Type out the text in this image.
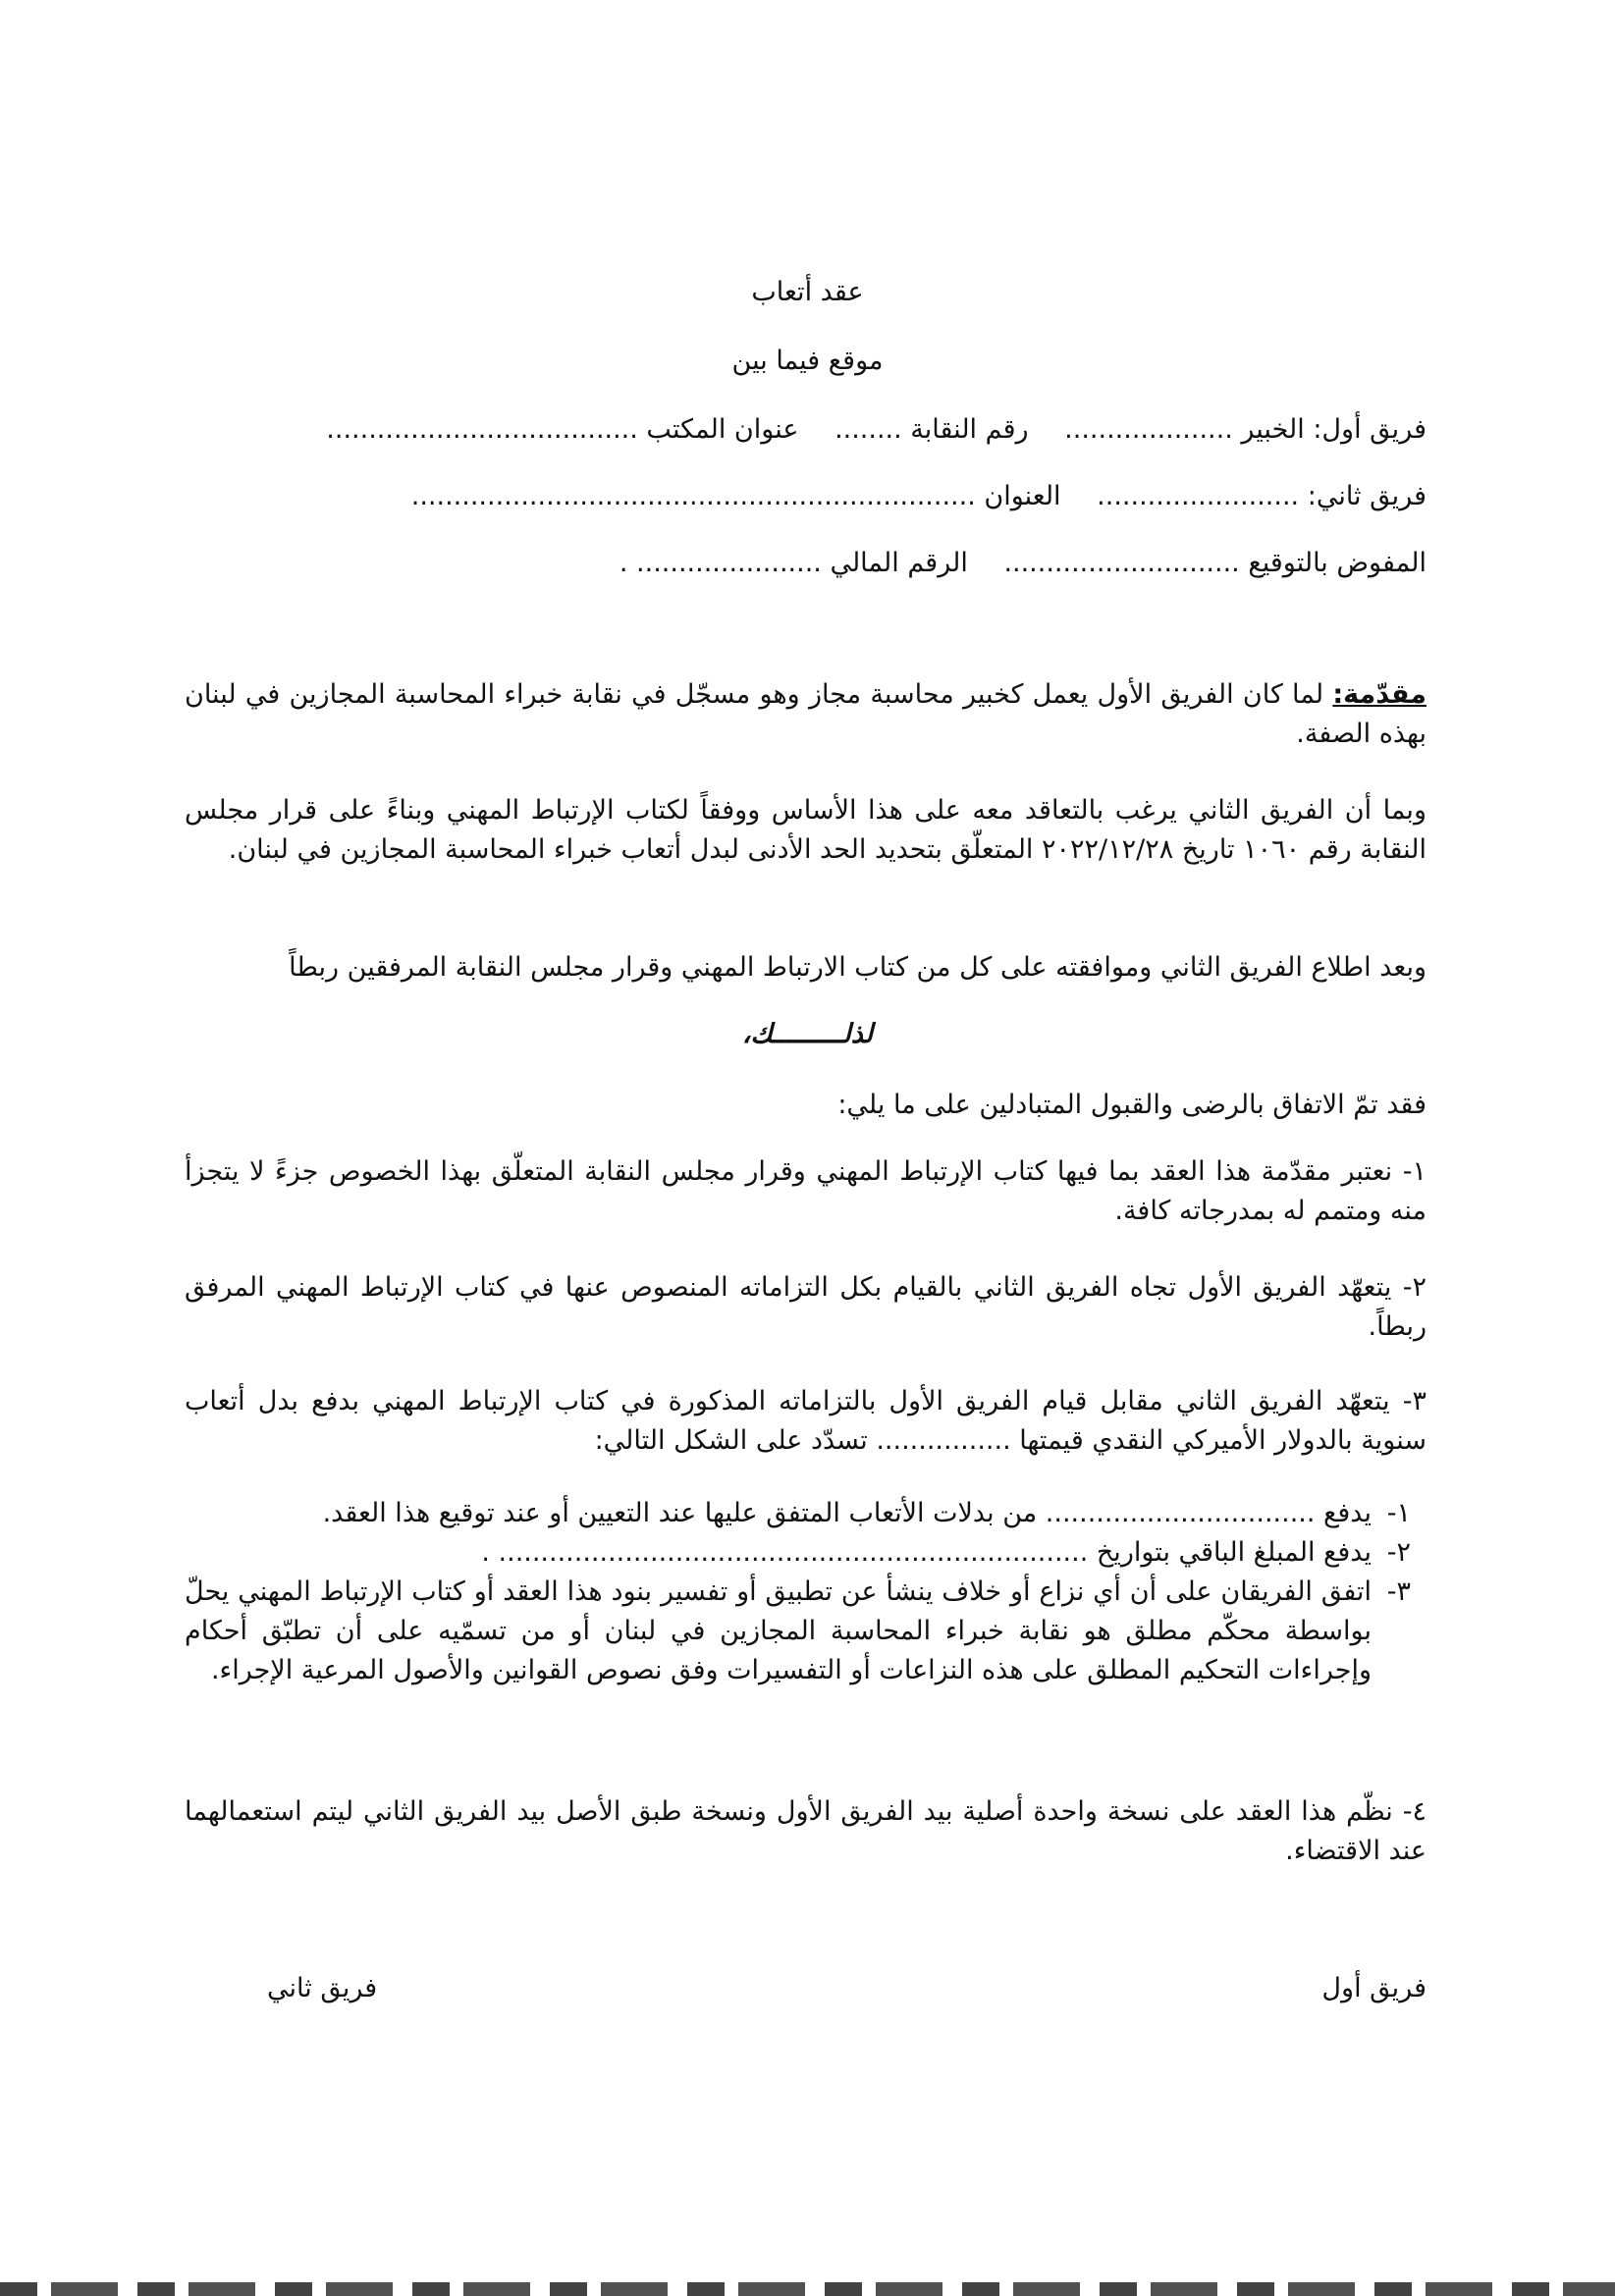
عقد أتعاب
موقع فيما بين
فريق أول: الخبير .................... رقم النقابة ........ عنوان المكتب .....................................
فريق ثاني: ........................ العنوان ...................................................................
المفوض بالتوقيع ............................ الرقم المالي ...................... .
مقدّمة: لما كان الفريق الأول يعمل كخبير محاسبة مجاز وهو مسجّل في نقابة خبراء المحاسبة المجازين في لبنان بهذه الصفة.
وبما أن الفريق الثاني يرغب بالتعاقد معه على هذا الأساس ووفقاً لكتاب الإرتباط المهني وبناءً على قرار مجلس النقابة رقم ١٠٦٠ تاريخ ٢٠٢٢/١٢/٢٨ المتعلّق بتحديد الحد الأدنى لبدل أتعاب خبراء المحاسبة المجازين في لبنان.
وبعد اطلاع الفريق الثاني وموافقته على كل من كتاب الارتباط المهني وقرار مجلس النقابة المرفقين ربطاً
لذلـــــــــك،
فقد تمّ الاتفاق بالرضى والقبول المتبادلين على ما يلي:
١- نعتبر مقدّمة هذا العقد بما فيها كتاب الإرتباط المهني وقرار مجلس النقابة المتعلّق بهذا الخصوص جزءً لا يتجزأ منه ومتمم له بمدرجاته كافة.
٢- يتعهّد الفريق الأول تجاه الفريق الثاني بالقيام بكل التزاماته المنصوص عنها في كتاب الإرتباط المهني المرفق ربطاً.
٣- يتعهّد الفريق الثاني مقابل قيام الفريق الأول بالتزاماته المذكورة في كتاب الإرتباط المهني بدفع بدل أتعاب سنوية بالدولار الأميركي النقدي قيمتها ................ تسدّد على الشكل التالي:
١-
يدفع ................................ من بدلات الأتعاب المتفق عليها عند التعيين أو عند توقيع هذا العقد.
٢-
يدفع المبلغ الباقي بتواريخ ...................................................................... .
٣-
اتفق الفريقان على أن أي نزاع أو خلاف ينشأ عن تطبيق أو تفسير بنود هذا العقد أو كتاب الإرتباط المهني يحلّ بواسطة محكّم مطلق هو نقابة خبراء المحاسبة المجازين في لبنان أو من تسمّيه على أن تطبّق أحكام وإجراءات التحكيم المطلق على هذه النزاعات أو التفسيرات وفق نصوص القوانين والأصول المرعية الإجراء.
٤- نظّم هذا العقد على نسخة واحدة أصلية بيد الفريق الأول ونسخة طبق الأصل بيد الفريق الثاني ليتم استعمالهما عند الاقتضاء.
فريق أول
فريق ثاني
